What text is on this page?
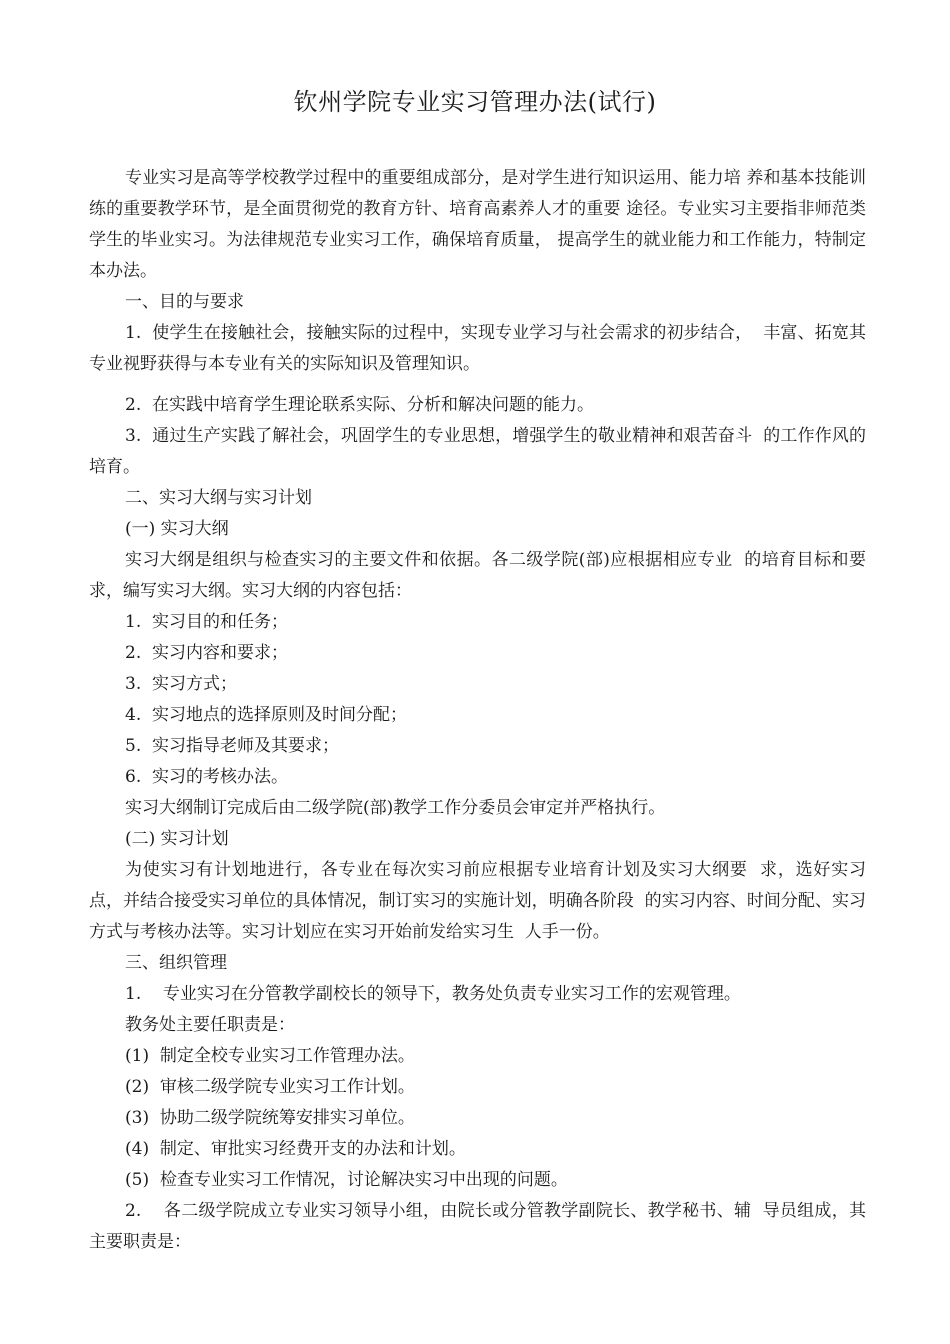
钦州学院专业实习管理办法(试行)

专业实习是高等学校教学过程中的重要组成部分，是对学生进行知识运用、能力培 养和基本技能训练的重要教学环节，是全面贯彻党的教育方针、培育高素养人才的重要 途径。专业实习主要指非师范类学生的毕业实习。为法律规范专业实习工作，确保培育质量， 提高学生的就业能力和工作能力，特制定本办法。

一、目的与要求

1.  使学生在接触社会，接触实际的过程中，实现专业学习与社会需求的初步结合，  丰富、拓宽其专业视野获得与本专业有关的实际知识及管理知识。

2.  在实践中培育学生理论联系实际、分析和解决问题的能力。

3.  通过生产实践了解社会，巩固学生的专业思想，增强学生的敬业精神和艰苦奋斗  的工作作风的培育。

二、实习大纲与实习计划

(一) 实习大纲

实习大纲是组织与检查实习的主要文件和依据。各二级学院(部)应根据相应专业  的培育目标和要求，编写实习大纲。实习大纲的内容包括：

1.  实习目的和任务；

2.  实习内容和要求；

3.  实习方式；

4.  实习地点的选择原则及时间分配；

5.  实习指导老师及其要求；

6.  实习的考核办法。

实习大纲制订完成后由二级学院(部)教学工作分委员会审定并严格执行。

(二) 实习计划

为使实习有计划地进行，各专业在每次实习前应根据专业培育计划及实习大纲要  求，选好实习点，并结合接受实习单位的具体情况，制订实习的实施计划，明确各阶段  的实习内容、时间分配、实习方式与考核办法等。实习计划应在实习开始前发给实习生  人手一份。

三、组织管理

1.    专业实习在分管教学副校长的领导下，教务处负责专业实习工作的宏观管理。

教务处主要任职责是：

(1)  制定全校专业实习工作管理办法。

(2)  审核二级学院专业实习工作计划。

(3)  协助二级学院统筹安排实习单位。

(4)  制定、审批实习经费开支的办法和计划。

(5)  检查专业实习工作情况，讨论解决实习中出现的问题。

2.    各二级学院成立专业实习领导小组，由院长或分管教学副院长、教学秘书、辅  导员组成，其主要职责是：
